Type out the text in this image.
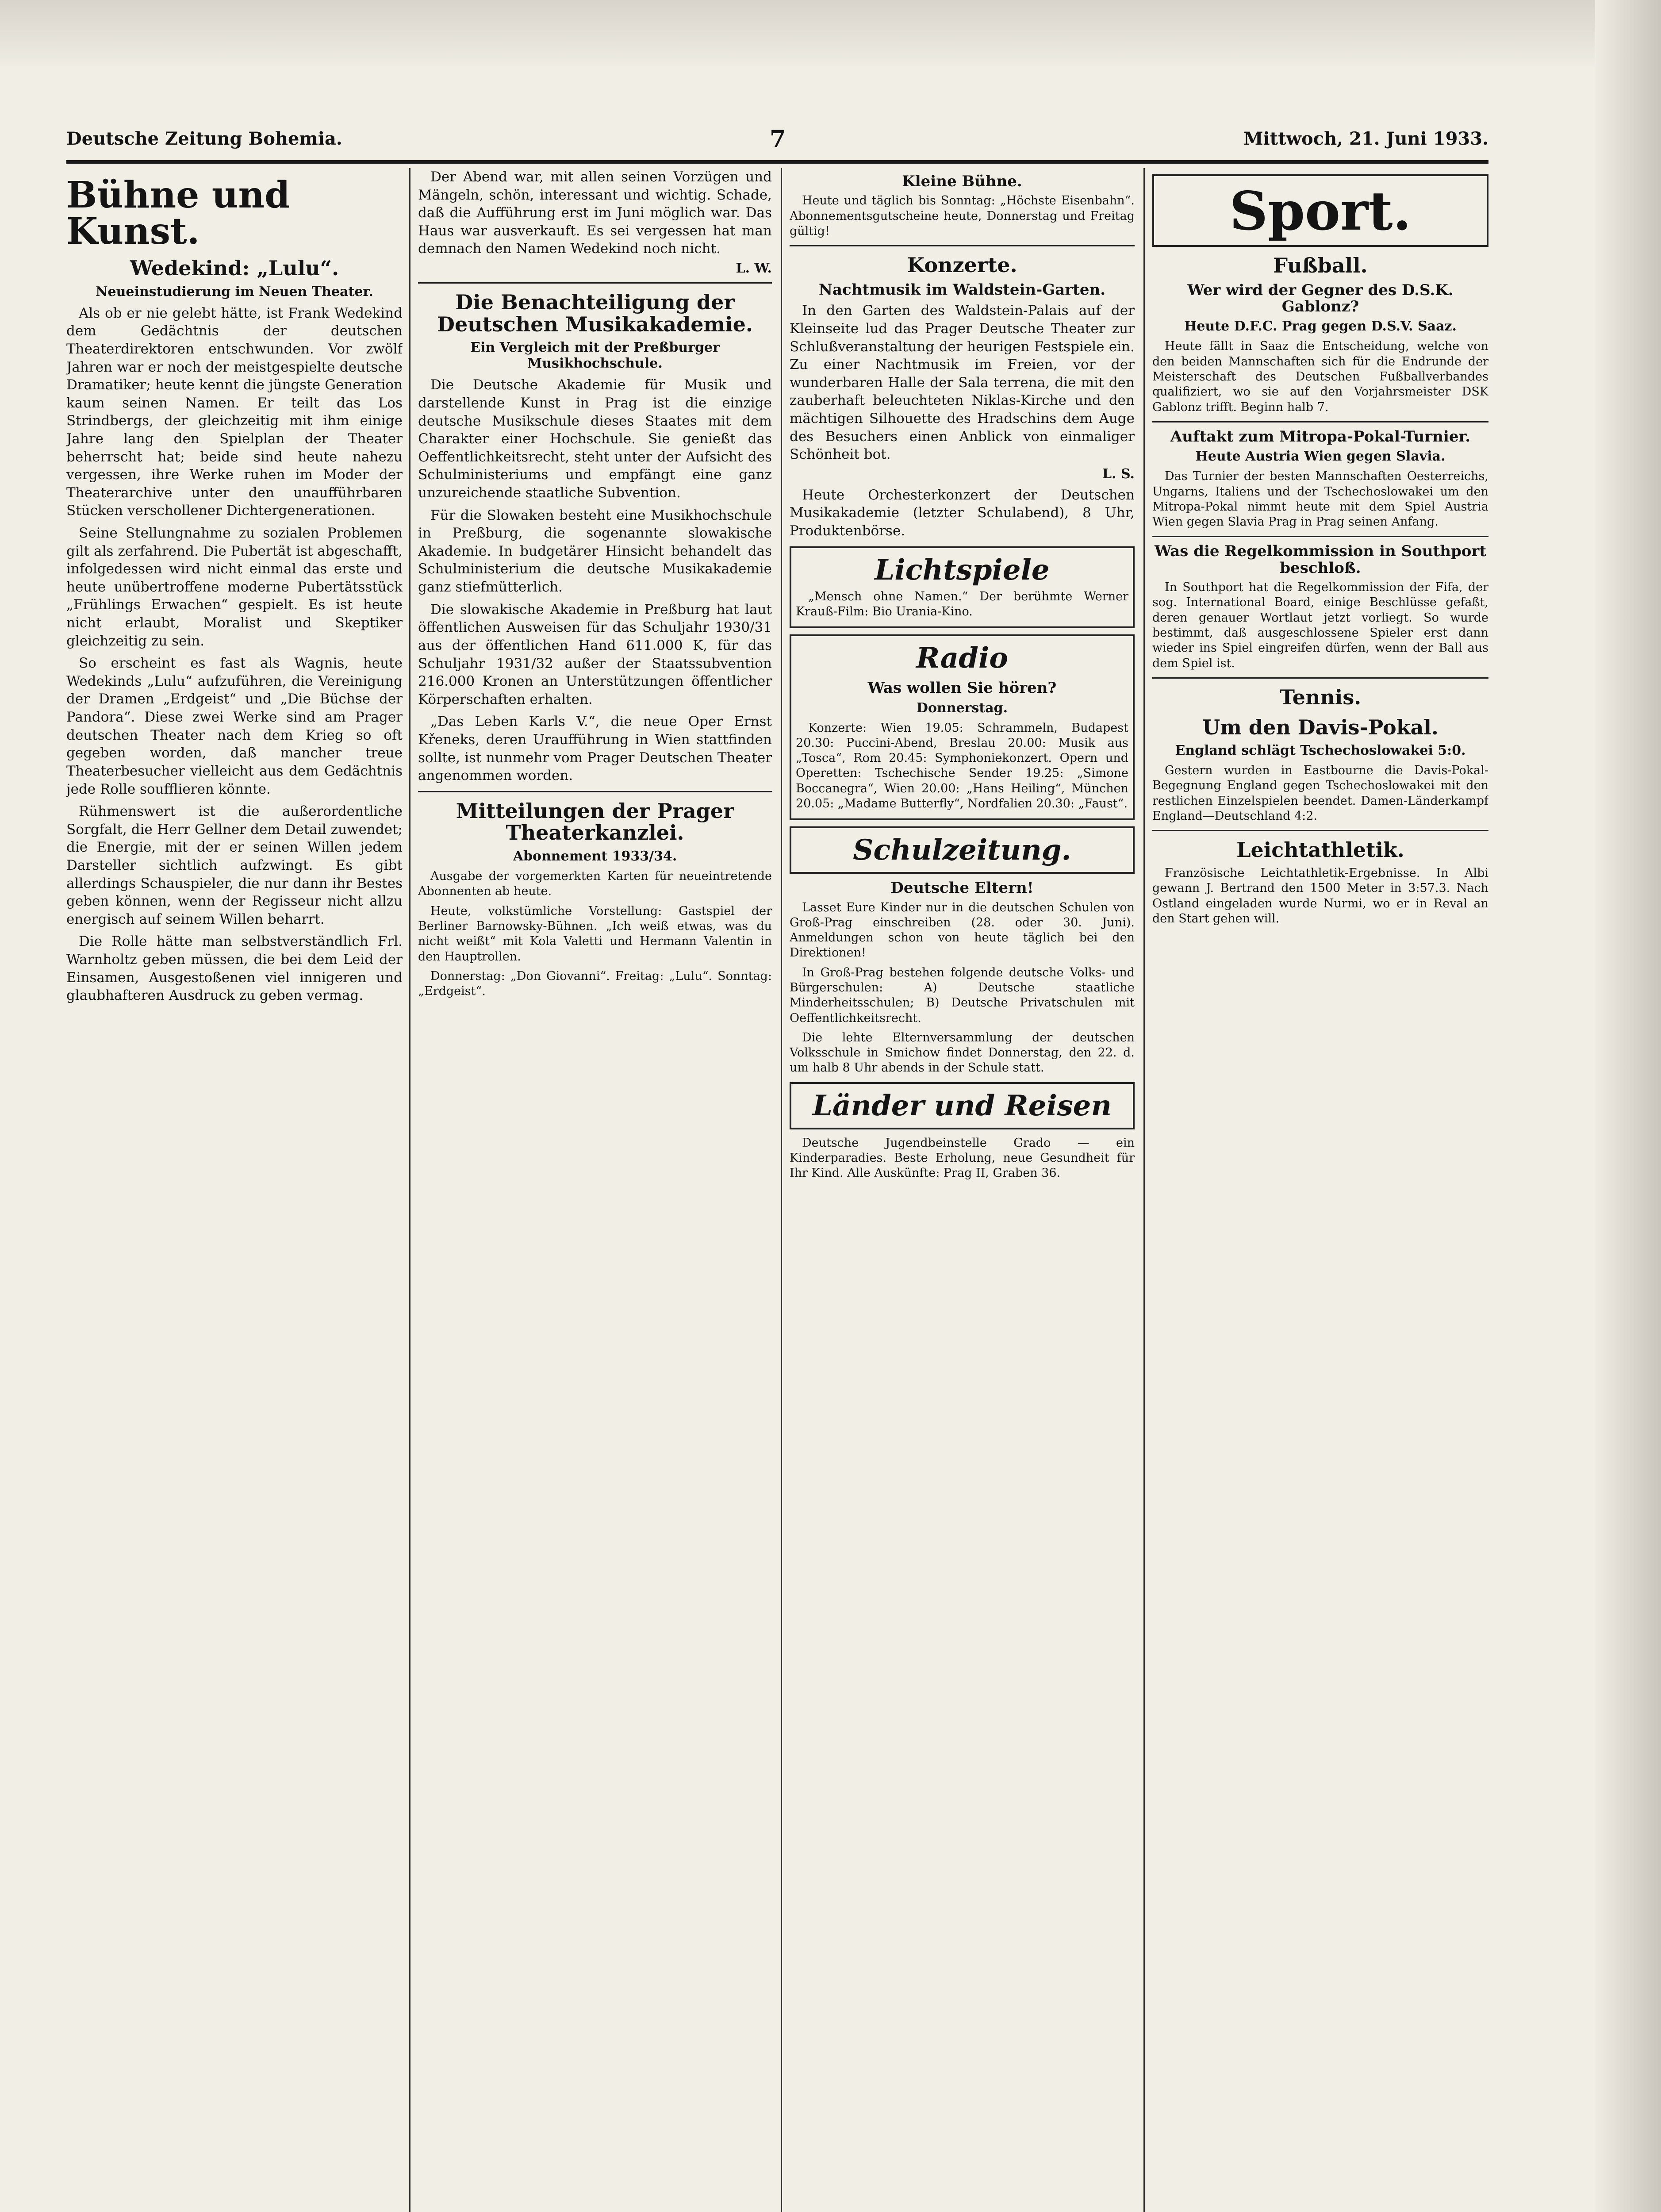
Deutsche Zeitung Bohemia.	7	Mittwoch, 21. Juni 1933.
Bühne und Kunst.
Wedekind: „Lulu“.
Neueinstudierung im Neuen Theater.

Als ob er nie gelebt hätte, ist Frank Wedekind dem Gedächtnis der deutschen Theaterdirektoren entschwunden. Vor zwölf Jahren war er noch der meistgespielte deutsche Dramatiker; heute kennt die jüngste Generation kaum seinen Namen. Er teilt das Los Strindbergs, der gleichzeitig mit ihm einige Jahre lang den Spielplan der Theater beherrscht hat; beide sind heute nahezu vergessen, ihre Werke ruhen im Moder der Theaterarchive unter den unaufführbaren Stücken verschollener Dichtergenerationen.

Seine Stellungnahme zu sozialen Problemen gilt als zerfahrend. Die Pubertät ist abgeschafft, infolgedessen wird nicht einmal das erste und heute unübertroffene moderne Pubertätsstück „Frühlings Erwachen“ gespielt. Es ist heute nicht erlaubt, Moralist und Skeptiker gleichzeitig zu sein.

So erscheint es fast als Wagnis, heute Wedekinds „Lulu“ aufzuführen, die Vereinigung der Dramen „Erdgeist“ und „Die Büchse der Pandora“. Diese zwei Werke sind am Prager deutschen Theater nach dem Krieg so oft gegeben worden, daß mancher treue Theaterbesucher vielleicht aus dem Gedächtnis jede Rolle soufflieren könnte.

Rühmenswert ist die außerordentliche Sorgfalt, die Herr Gellner dem Detail zuwendet; die Energie, mit der er seinen Willen jedem Darsteller sichtlich aufzwingt. Es gibt allerdings Schauspieler, die nur dann ihr Bestes geben können, wenn der Regisseur nicht allzu energisch auf seinem Willen beharrt.

Die Rolle hätte man selbstverständlich Frl. Warnholtz geben müssen, die bei dem Leid der Einsamen, Ausgestoßenen viel innigeren und glaubhafteren Ausdruck zu geben vermag.

Der Abend war, mit allen seinen Vorzügen und Mängeln, schön, interessant und wichtig. Schade, daß die Aufführung erst im Juni möglich war. Das Haus war ausverkauft. Es sei vergessen hat man demnach den Namen Wedekind noch nicht.

L. W.
Die Benachteiligung der Deutschen Musikakademie.
Ein Vergleich mit der Preßburger Musikhochschule.

Die Deutsche Akademie für Musik und darstellende Kunst in Prag ist die einzige deutsche Musikschule dieses Staates mit dem Charakter einer Hochschule. Sie genießt das Oeffentlichkeitsrecht, steht unter der Aufsicht des Schulministeriums und empfängt eine ganz unzureichende staatliche Subvention.

Für die Slowaken besteht eine Musikhochschule in Preßburg, die sogenannte slowakische Akademie. In budgetärer Hinsicht behandelt das Schulministerium die deutsche Musikakademie ganz stiefmütterlich.

Die slowakische Akademie in Preßburg hat laut öffentlichen Ausweisen für das Schuljahr 1930/31 aus der öffentlichen Hand 611.000 K, für das Schuljahr 1931/32 außer der Staatssubvention 216.000 Kronen an Unterstützungen öffentlicher Körperschaften erhalten.

„Das Leben Karls V.“, die neue Oper Ernst Křeneks, deren Uraufführung in Wien stattfinden sollte, ist nunmehr vom Prager Deutschen Theater angenommen worden.

Mitteilungen der Prager Theaterkanzlei.
Abonnement 1933/34.

Ausgabe der vorgemerkten Karten für neueintretende Abonnenten ab heute.

Heute, volkstümliche Vorstellung: Gastspiel der Berliner Barnowsky-Bühnen. „Ich weiß etwas, was du nicht weißt“ mit Kola Valetti und Hermann Valentin in den Hauptrollen.

Donnerstag: „Don Giovanni“. Freitag: „Lulu“. Sonntag: „Erdgeist“.

Kleine Bühne.

Heute und täglich bis Sonntag: „Höchste Eisenbahn“. Abonnementsgutscheine heute, Donnerstag und Freitag gültig!

Konzerte.
Nachtmusik im Waldstein-Garten.

In den Garten des Waldstein-Palais auf der Kleinseite lud das Prager Deutsche Theater zur Schlußveranstaltung der heurigen Festspiele ein. Zu einer Nachtmusik im Freien, vor der wunderbaren Halle der Sala terrena, die mit den zauberhaft beleuchteten Niklas-Kirche und den mächtigen Silhouette des Hradschins dem Auge des Besuchers einen Anblick von einmaliger Schönheit bot.

L. S.

Heute Orchesterkonzert der Deutschen Musikakademie (letzter Schulabend), 8 Uhr, Produktenbörse.

Lichtspiele

„Mensch ohne Namen.“ Der berühmte Werner Krauß-Film: Bio Urania-Kino.

Radio
Was wollen Sie hören?
Donnerstag.

Konzerte: Wien 19.05: Schrammeln, Budapest 20.30: Puccini-Abend, Breslau 20.00: Musik aus „Tosca“, Rom 20.45: Symphoniekonzert. Opern und Operetten: Tschechische Sender 19.25: „Simone Boccanegra“, Wien 20.00: „Hans Heiling“, München 20.05: „Madame Butterfly“, Nordfalien 20.30: „Faust“.

Schulzeitung.
Deutsche Eltern!

Lasset Eure Kinder nur in die deutschen Schulen von Groß-Prag einschreiben (28. oder 30. Juni). Anmeldungen schon von heute täglich bei den Direktionen!

In Groß-Prag bestehen folgende deutsche Volks- und Bürgerschulen: A) Deutsche staatliche Minderheitsschulen; B) Deutsche Privatschulen mit Oeffentlichkeitsrecht.

Die lehte Elternversammlung der deutschen Volksschule in Smichow findet Donnerstag, den 22. d. um halb 8 Uhr abends in der Schule statt.

Länder und Reisen

Deutsche Jugendbeinstelle Grado — ein Kinderparadies. Beste Erholung, neue Gesundheit für Ihr Kind. Alle Auskünfte: Prag II, Graben 36.

Sport.
Fußball.
Wer wird der Gegner des D.S.K. Gablonz?
Heute D.F.C. Prag gegen D.S.V. Saaz.

Heute fällt in Saaz die Entscheidung, welche von den beiden Mannschaften sich für die Endrunde der Meisterschaft des Deutschen Fußballverbandes qualifiziert, wo sie auf den Vorjahrsmeister DSK Gablonz trifft. Beginn halb 7.

Auftakt zum Mitropa-Pokal-Turnier.
Heute Austria Wien gegen Slavia.

Das Turnier der besten Mannschaften Oesterreichs, Ungarns, Italiens und der Tschechoslowakei um den Mitropa-Pokal nimmt heute mit dem Spiel Austria Wien gegen Slavia Prag in Prag seinen Anfang.

Was die Regelkommission in Southport beschloß.

In Southport hat die Regelkommission der Fifa, der sog. International Board, einige Beschlüsse gefaßt, deren genauer Wortlaut jetzt vorliegt. So wurde bestimmt, daß ausgeschlossene Spieler erst dann wieder ins Spiel eingreifen dürfen, wenn der Ball aus dem Spiel ist.

Tennis.
Um den Davis-Pokal.
England schlägt Tschechoslowakei 5:0.

Gestern wurden in Eastbourne die Davis-Pokal-Begegnung England gegen Tschechoslowakei mit den restlichen Einzelspielen beendet. Damen-Länderkampf England—Deutschland 4:2.

Leichtathletik.

Französische Leichtathletik-Ergebnisse. In Albi gewann J. Bertrand den 1500 Meter in 3:57.3. Nach Ostland eingeladen wurde Nurmi, wo er in Reval an den Start gehen will.
